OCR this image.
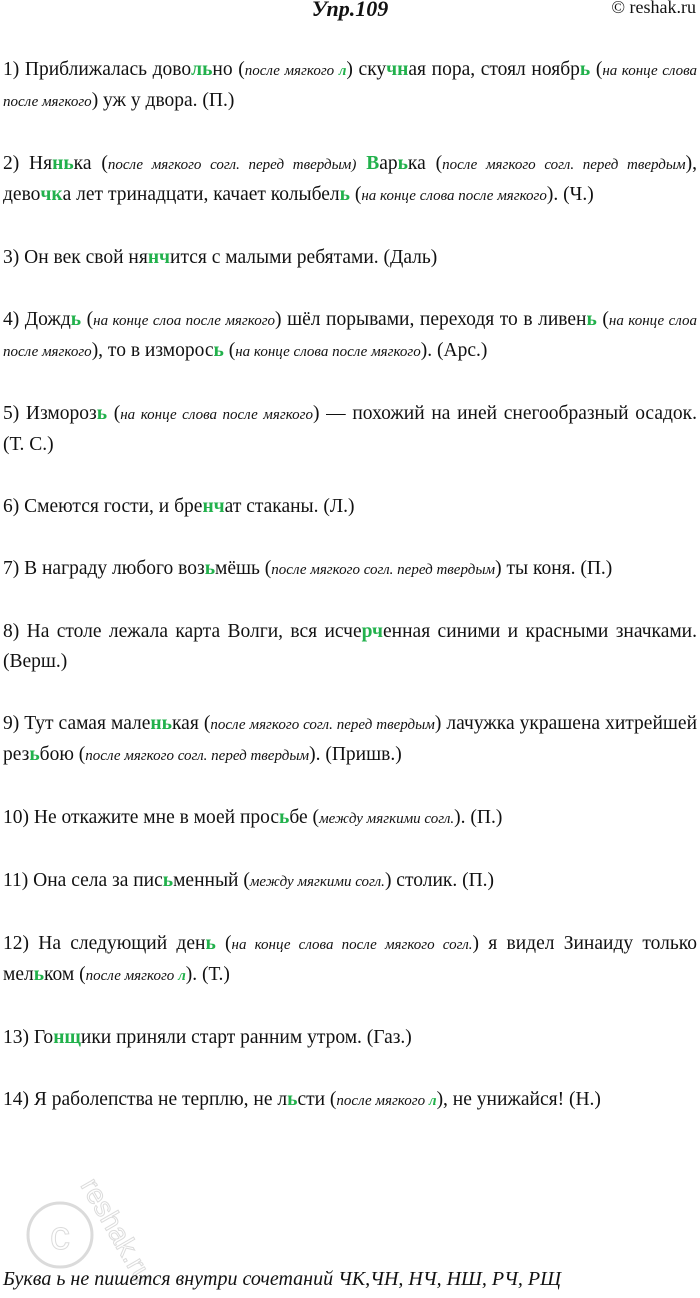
Упр.109	© reshak.ru

1) Приближалась довольно (после мягкого л) скучная пора, стоял ноябрь (на конце слова после мягкого) уж у двора. (П.)

2) Нянька (после мягкого согл. перед твердым) Варька (после мягкого согл. перед твердым), девочка лет тринадцати, качает колыбель (на конце слова после мягкого). (Ч.)

3) Он век свой нянчится с малыми ребятами. (Даль)

4) Дождь (на конце слоа после мягкого) шёл порывами, переходя то в ливень (на конце слоа после мягкого), то в изморось (на конце слова после мягкого). (Арс.)

5) Изморoзь (на конце слова после мягкого) — похожий на иней снегообразный осадок. (Т. С.)

6) Смеются гости, и бренчат стаканы. (Л.)

7) В награду любого возьмёшь (после мягкого согл. перед твердым) ты коня. (П.)

8) На столе лежала карта Волги, вся исчерченная синими и красными значками. (Верш.)

9) Тут самая маленькая (после мягкого согл. перед твердым) лачужка украшена хитрейшей резьбою (после мягкого согл. перед твердым). (Пришв.)

10) Не откажите мне в моей просьбе (между мягкими согл.). (П.)

11) Она села за письменный (между мягкими согл.) столик. (П.)

12) На следующий день (на конце слова после мягкого согл.) я видел Зинаиду только мельком (после мягкого л). (Т.)

13) Гонщики приняли старт ранним утром. (Газ.)

14) Я раболепства не терплю, не льсти (после мягкого л), не унижайся! (Н.)

c reshak.ru
Буква ь не пишется внутри сочетаний ЧК,ЧН, НЧ, НШ, РЧ, РЩ
